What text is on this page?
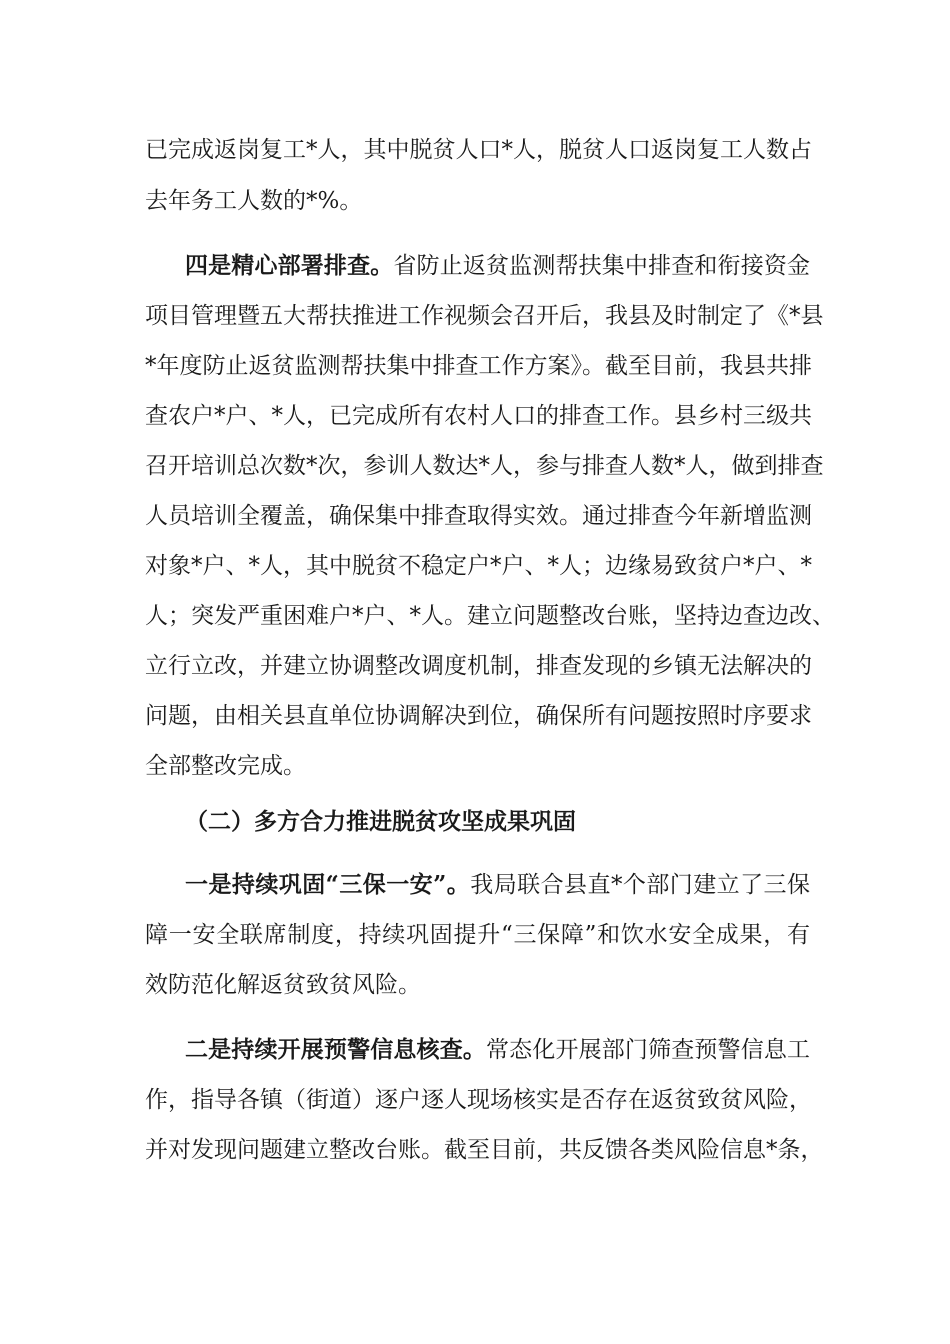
已完成返岗复工*人，其中脱贫人口*人，脱贫人口返岗复工人数占
去年务工人数的*%。
四是精心部署排查。省防止返贫监测帮扶集中排查和衔接资金
项目管理暨五大帮扶推进工作视频会召开后，我县及时制定了《*县
*年度防止返贫监测帮扶集中排查工作方案》。截至目前，我县共排
查农户*户、*人，已完成所有农村人口的排查工作。县乡村三级共
召开培训总次数*次，参训人数达*人，参与排查人数*人，做到排查
人员培训全覆盖，确保集中排查取得实效。通过排查今年新增监测
对象*户、*人，其中脱贫不稳定户*户、*人；边缘易致贫户*户、*
人；突发严重困难户*户、*人。建立问题整改台账，坚持边查边改、
立行立改，并建立协调整改调度机制，排查发现的乡镇无法解决的
问题，由相关县直单位协调解决到位，确保所有问题按照时序要求
全部整改完成。
（二）多方合力推进脱贫攻坚成果巩固
一是持续巩固“三保一安”。我局联合县直*个部门建立了三保
障一安全联席制度，持续巩固提升“三保障”和饮水安全成果，有
效防范化解返贫致贫风险。
二是持续开展预警信息核查。常态化开展部门筛查预警信息工
作，指导各镇（街道）逐户逐人现场核实是否存在返贫致贫风险，
并对发现问题建立整改台账。截至目前，共反馈各类风险信息*条，
